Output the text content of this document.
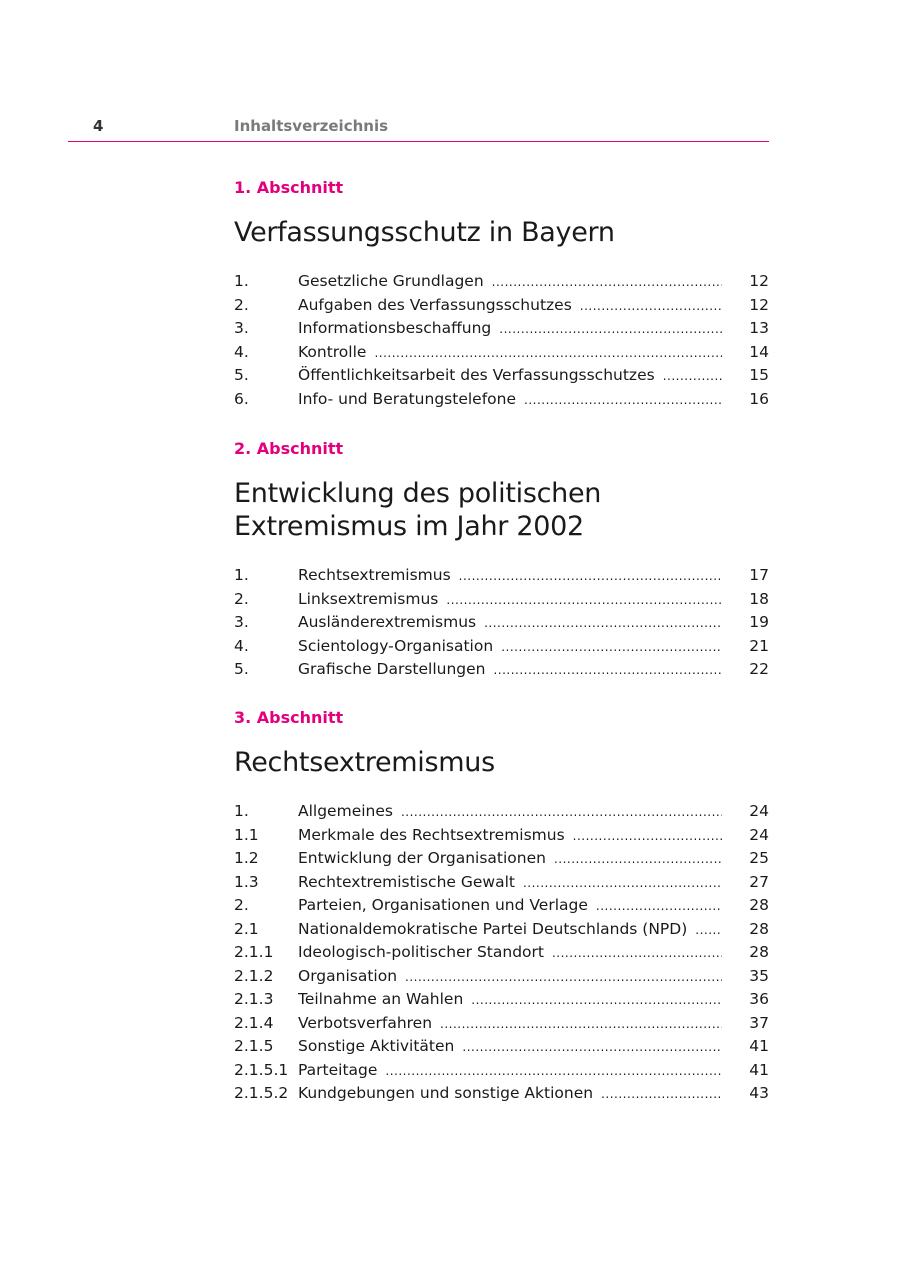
4	Inhaltsverzeichnis

1. Abschnitt

Verfassungsschutz in Bayern
1.	Gesetzliche Grundlagen .....	12
2.	Aufgaben des Verfassungsschutzes .....	12
3.	Informationsbeschaffung .....	13
4.	Kontrolle .....	14
5.	Öffentlichkeitsarbeit des Verfassungsschutzes .....	15
6.	Info- und Beratungstelefone .....	16

2. Abschnitt

Entwicklung des politischen
Extremismus im Jahr 2002
1.	Rechtsextremismus .....	17
2.	Linksextremismus .....	18
3.	Ausländerextremismus .....	19
4.	Scientology-Organisation .....	21
5.	Grafische Darstellungen .....	22

3. Abschnitt

Rechtsextremismus
1.	Allgemeines .....	24
1.1	Merkmale des Rechtsextremismus .....	24
1.2	Entwicklung der Organisationen .....	25
1.3	Rechtextremistische Gewalt .....	27
2.	Parteien, Organisationen und Verlage .....	28
2.1	Nationaldemokratische Partei Deutschlands (NPD) .....	28
2.1.1	Ideologisch-politischer Standort .....	28
2.1.2	Organisation .....	35
2.1.3	Teilnahme an Wahlen .....	36
2.1.4	Verbotsverfahren .....	37
2.1.5	Sonstige Aktivitäten .....	41
2.1.5.1 Parteitage .....	41
2.1.5.2 Kundgebungen und sonstige Aktionen .....	43
